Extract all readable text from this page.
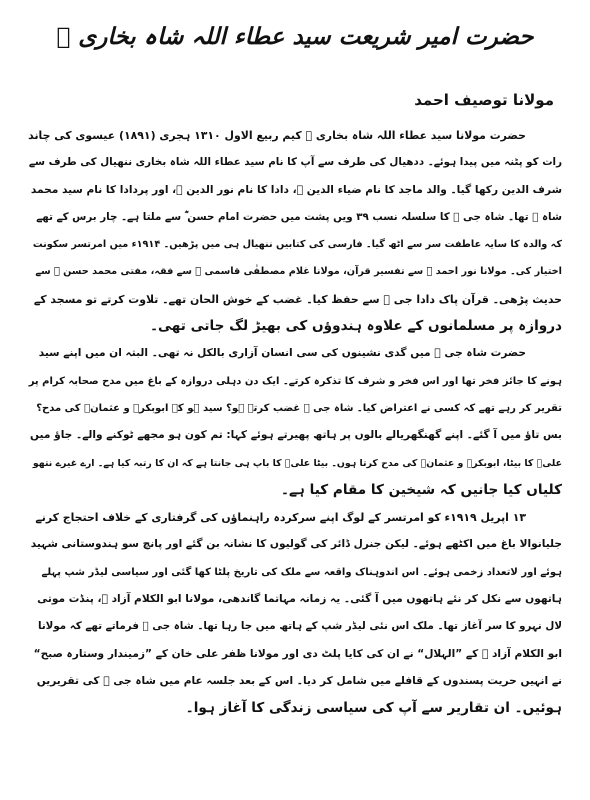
حضرت امیر شریعت سید عطاء اللہ شاہ بخاری ﷫
مولانا توصیف احمد

حضرت مولانا سید عطاء اللہ شاہ بخاری ﷫ کیم ربیع الاول ۱۳۱۰ ہجری (۱۸۹۱) عیسوی کی چاند

رات کو پٹنہ میں پیدا ہوئے۔ ددھیال کی طرف سے آپ کا نام سید عطاء اللہ شاہ بخاری ننھیال کی طرف سے

شرف الدین رکھا گیا۔ والد ماجد کا نام ضیاء الدین ﷫، دادا کا نام نور الدین ﷫، اور پردادا کا نام سید محمد

شاہ ﷫ تھا۔ شاہ جی ﷫ کا سلسلہ نسب ۳۹ ویں پشت میں حضرت امام حسن ؓ سے ملتا ہے۔ چار برس کے تھے

کہ والدہ کا سایہ عاطفت سر سے اٹھ گیا۔ فارسی کی کتابیں ننھیال ہی میں پڑھیں۔ ۱۹۱۴ء میں امرتسر سکونت

اختیار کی۔ مولانا نور احمد ﷫ سے تفسیر قرآن، مولانا غلام مصطفٰی قاسمی ﷫ سے فقہ، مفتی محمد حسن ﷫ سے

حدیث پڑھی۔ قرآن پاک دادا جی ﷫ سے حفظ کیا۔ غضب کے خوش الحان تھے۔ تلاوت کرتے تو مسجد کے

دروازہ پر مسلمانوں کے علاوہ ہندوؤں کی بھیڑ لگ جاتی تھی۔

حضرت شاہ جی ﷫ میں گدی نشینوں کی سی انسان آزاری بالکل نہ تھی۔ البتہ ان میں اپنے سید

ہونے کا جائز فخر تھا اور اس فخر و شرف کا تذکرہ کرتے۔ ایک دن دہلی دروازہ کے باغ میں مدح صحابہ کرام پر

تقریر کر رہے تھے کہ کسی نے اعتراض کیا۔ شاہ جی ﷫ غضب کرتے ہو؟ سید ہو کے ابوبکرؓ و عثمانؓ کی مدح؟

بس تاؤ میں آ گئے۔ اپنے گھنگھریالے بالوں پر ہاتھ پھیرتے ہوئے کہا: تم کون ہو مجھے ٹوکنے والے۔ جاؤ میں

علیؓ کا بیٹا، ابوبکرؓ و عثمانؓ کی مدح کرتا ہوں۔ بیٹا علیؓ کا باپ ہی جانتا ہے کہ ان کا رتبہ کیا ہے۔ ارے غیرے نتھو

کلیاں کیا جانیں کہ شیخین کا مقام کیا ہے۔

۱۳ اپریل ۱۹۱۹ء کو امرتسر کے لوگ اپنے سرکردہ راہنماؤں کی گرفتاری کے خلاف احتجاج کرنے

جلیانوالا باغ میں اکٹھے ہوئے۔ لیکن جنرل ڈائر کی گولیوں کا نشانہ بن گئے اور پانچ سو ہندوستانی شہید

ہوئے اور لاتعداد زخمی ہوئے۔ اس اندوہناک واقعہ سے ملک کی تاریخ پلٹا کھا گئی اور سیاسی لیڈر شپ پہلے

ہاتھوں سے نکل کر نئے ہاتھوں میں آ گئی۔ یہ زمانہ مہاتما گاندھی، مولانا ابو الکلام آزاد ﷫، پنڈت موتی

لال نہرو کا سر آغاز تھا۔ ملک اس نئی لیڈر شپ کے ہاتھ میں جا رہا تھا۔ شاہ جی ﷫ فرماتے تھے کہ مولانا

ابو الکلام آزاد ﷫ کے ”الہلال“ نے ان کی کایا پلٹ دی اور مولانا ظفر علی خان کے ”زمیندار وستارہ صبح“

نے انہیں حریت پسندوں کے قافلے میں شامل کر دیا۔ اس کے بعد جلسہ عام میں شاہ جی ﷫ کی تقریریں

ہوئیں۔ ان تقاریر سے آپ کی سیاسی زندگی کا آغاز ہوا۔
